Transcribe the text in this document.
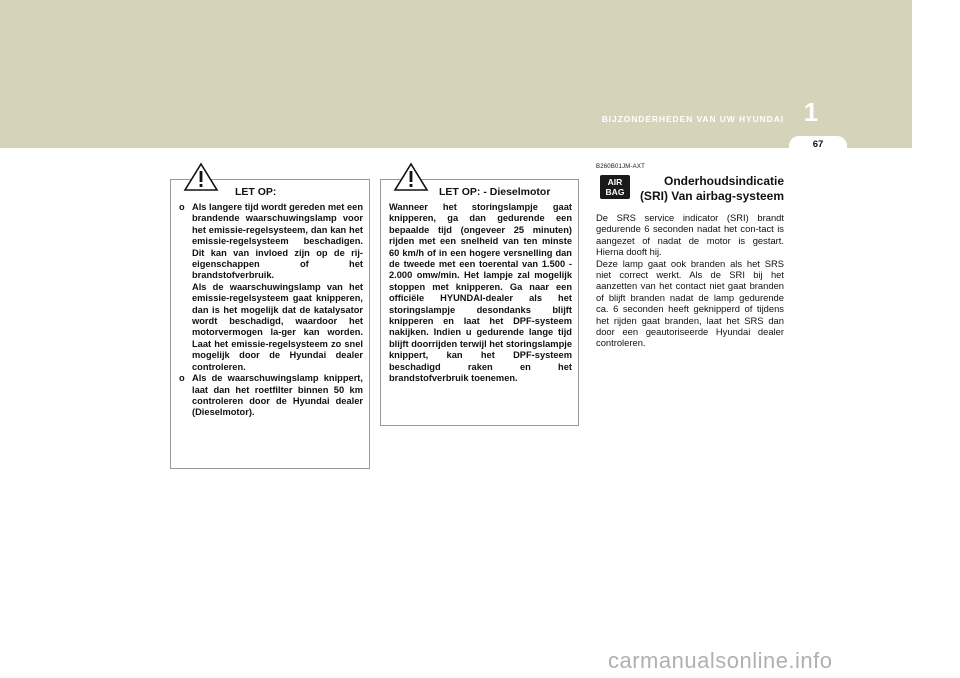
BIJZONDERHEDEN VAN UW HYUNDAI 1
67
LET OP:
o Als langere tijd wordt gereden met een brandende waarschuwingslamp voor het emissie-regelsysteem, dan kan het emissie-regelsysteem beschadigen. Dit kan van invloed zijn op de rij-eigenschappen of het brandstofverbruik.

Als de waarschuwingslamp van het emissie-regelsysteem gaat knipperen, dan is het mogelijk dat de katalysator wordt beschadigd, waardoor het motorvermogen la-ger kan worden. Laat het emissie-regelsysteem zo snel mogelijk door de Hyundai dealer controleren.

o Als de waarschuwingslamp knippert, laat dan het roetfilter binnen 50 km controleren door de Hyundai dealer (Dieselmotor).

LET OP: - Dieselmotor

Wanneer het storingslampje gaat knipperen, ga dan gedurende een bepaalde tijd (ongeveer 25 minuten) rijden met een snelheid van ten minste 60 km/h of in een hogere versnelling dan de tweede met een toerental van 1.500 - 2.000 omw/min. Het lampje zal mogelijk stoppen met knipperen. Ga naar een officiële HYUNDAI-dealer als het storingslampje desondanks blijft knipperen en laat het DPF-systeem nakijken. Indien u gedurende lange tijd blijft doorrijden terwijl het storingslampje knippert, kan het DPF-systeem beschadigd raken en het brandstofverbruik toenemen.

B260B01JM-AXT
AIR
BAG
Onderhoudsindicatie (SRI) Van airbag-systeem

De SRS service indicator (SRI) brandt gedurende 6 seconden nadat het con-tact is aangezet of nadat de motor is gestart. Hierna dooft hij.

Deze lamp gaat ook branden als het SRS niet correct werkt. Als de SRI bij het aanzetten van het contact niet gaat branden of blijft branden nadat de lamp gedurende ca. 6 seconden heeft geknipperd of tijdens het rijden gaat branden, laat het SRS dan door een geautoriseerde Hyundai dealer controleren.

carmanualsonline.info
